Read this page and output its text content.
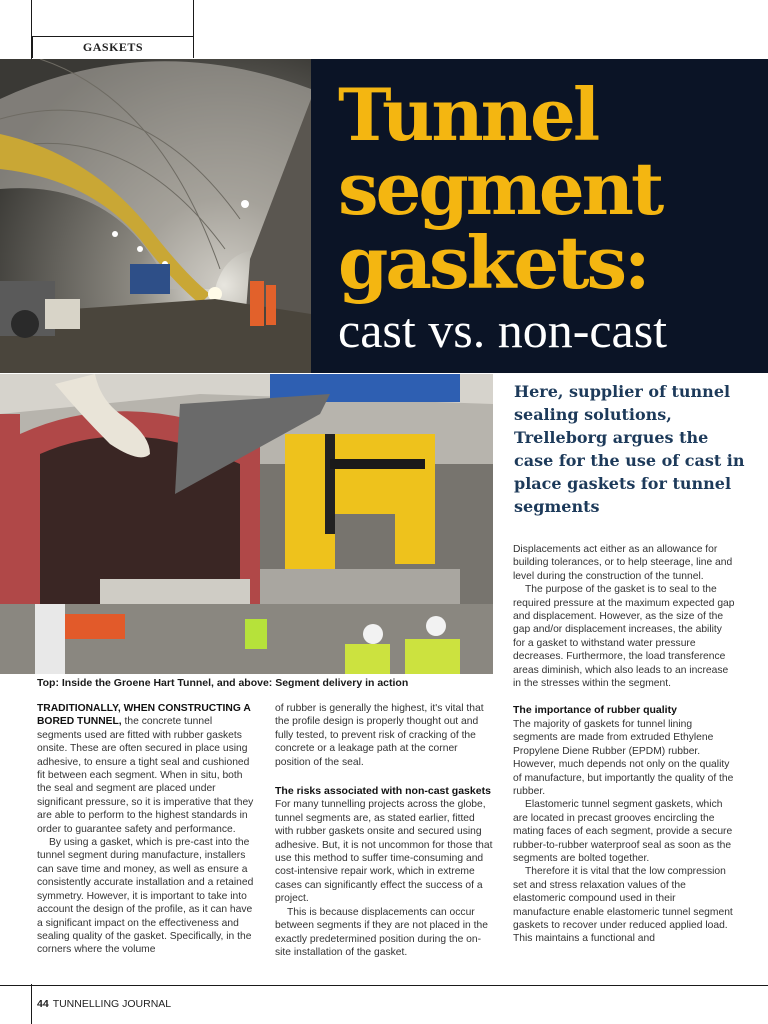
GASKETS
Tunnel
segment
gaskets:
cast vs. non-cast
Here, supplier of tunnel sealing solutions, Trelleborg argues the case for the use of cast in place gaskets for tunnel segments
Top: Inside the Groene Hart Tunnel, and above: Segment delivery in action

TRADITIONALLY, WHEN CONSTRUCTING A BORED TUNNEL, the concrete tunnel segments used are fitted with rubber gaskets onsite. These are often secured in place using adhesive, to ensure a tight seal and cushioned fit between each segment. When in situ, both the seal and segment are placed under significant pressure, so it is imperative that they are able to perform to the highest standards in order to guarantee safety and performance.

By using a gasket, which is pre-cast into the tunnel segment during manufacture, installers can save time and money, as well as ensure a consistently accurate installation and a retained symmetry. However, it is important to take into account the design of the profile, as it can have a significant impact on the effectiveness and sealing quality of the gasket. Specifically, in the corners where the volume

of rubber is generally the highest, it's vital that the profile design is properly thought out and fully tested, to prevent risk of cracking of the concrete or a leakage path at the corner position of the seal.

The risks associated with non-cast gaskets

For many tunnelling projects across the globe, tunnel segments are, as stated earlier, fitted with rubber gaskets onsite and secured using adhesive. But, it is not uncommon for those that use this method to suffer time-consuming and cost-intensive repair work, which in extreme cases can significantly effect the success of a project.

This is because displacements can occur between segments if they are not placed in the exactly predetermined position during the on-site installation of the gasket.

Displacements act either as an allowance for building tolerances, or to help steerage, line and level during the construction of the tunnel.

The purpose of the gasket is to seal to the required pressure at the maximum expected gap and displacement. However, as the size of the gap and/or displacement increases, the ability for a gasket to withstand water pressure decreases. Furthermore, the load transference areas diminish, which also leads to an increase in the stresses within the segment.

The importance of rubber quality

The majority of gaskets for tunnel lining segments are made from extruded Ethylene Propylene Diene Rubber (EPDM) rubber. However, much depends not only on the quality of manufacture, but importantly the quality of the rubber.

Elastomeric tunnel segment gaskets, which are located in precast grooves encircling the mating faces of each segment, provide a secure rubber-to-rubber waterproof seal as soon as the segments are bolted together.

Therefore it is vital that the low compression set and stress relaxation values of the elastomeric compound used in their manufacture enable elastomeric tunnel segment gaskets to recover under reduced applied load. This maintains a functional and

44 TUNNELLING JOURNAL
